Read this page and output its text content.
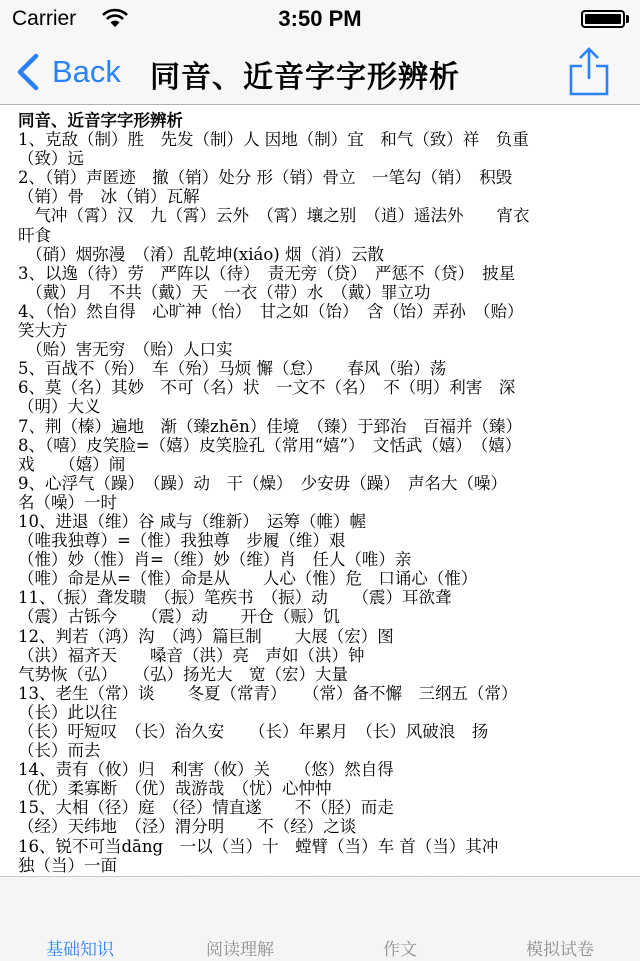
Carrier	3:50 PM
Back 同音、近音字字形辨析
同音、近音字字形辨析
1、克敌（制）胜　先发（制）人 因地（制）宜　和气（致）祥　负重
（致）远
2、（销）声匿迹　撤（销）处分 形（销）骨立　一笔勾（销）　积毁
（销）骨　冰（销）瓦解
　气冲（霄）汉　九（霄）云外　（霄）壤之别　（逍）遥法外　　宵衣
旰食
　（硝）烟弥漫　（淆）乱乾坤(xiáo) 烟（消）云散
3、以逸（待）劳　严阵以（待）　责无旁（贷）　严惩不（贷）　披星
　（戴）月　不共（戴）天　一衣（带）水　（戴）罪立功
4、（怡）然自得　心旷神（怡）　甘之如（饴）　含（饴）弄孙　（贻）
笑大方
　（贻）害无穷　（贻）人口实
5、百战不（殆）　车（殆）马烦 懈（怠）　　春风（骀）荡
6、莫（名）其妙　不可（名）状　一文不（名）　不（明）利害　深
（明）大义
7、荆（榛）遍地　渐（臻zhēn）佳境　（臻）于郅治　百福并（臻）
8、（嘻）皮笑脸=（嬉）皮笑脸孔（常用“嬉”）　文恬武（嬉）　（嬉）
戏　　（嬉）闹
9、心浮气（躁）　（躁）动　干（燥）　少安毋（躁）　声名大（噪）
名（噪）一时
10、进退（维）谷 咸与（维新）　运筹（帷）幄
（唯我独尊）=（惟）我独尊　步履（维）艰
（惟）妙（惟）肖=（维）妙（维）肖　任人（唯）亲
（唯）命是从=（惟）命是从　　人心（惟）危　口诵心（惟）
11、（振）聋发聩　（振）笔疾书　（振）动　　（震）耳欲聋
（震）古铄今　　（震）动　　开仓（赈）饥
12、判若（鸿）沟　（鸿）篇巨制　　大展（宏）图
（洪）福齐天　　嗓音（洪）亮　声如（洪）钟
气势恢（弘）　　（弘）扬光大　宽（宏）大量
13、老生（常）谈　　冬夏（常青）　　（常）备不懈　三纲五（常）
（长）此以往
（长）吁短叹　（长）治久安　　（长）年累月　（长）风破浪　扬
（长）而去
14、责有（攸）归　利害（攸）关　　（悠）然自得
（优）柔寡断　（优）哉游哉　（忧）心忡忡
15、大相（径）庭　（径）情直遂　　不（胫）而走
（经）天纬地　（泾）渭分明　　不（经）之谈
16、锐不可当dāng　一以（当）十　螳臂（当）车 首（当）其冲
独（当）一面
基础知识	阅读理解	作文	模拟试卷
